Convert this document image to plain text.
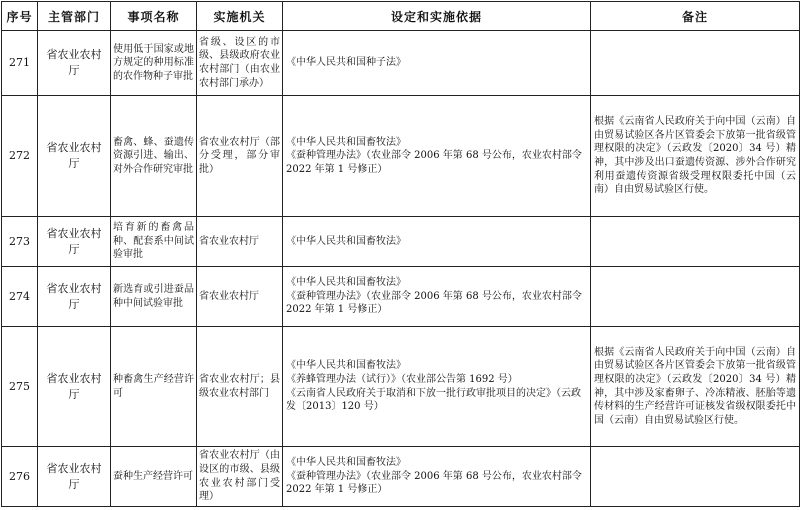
序号	主管部门	事项名称	实施机关	设定和实施依据	备注
271	省农业农村厅	使用低于国家或地方规定的种用标准的农作物种子审批	省级、设区的市级、县级政府农业农村部门（由农业农村部门承办）	《中华人民共和国种子法》	

272	省农业农村厅	畜禽、蜂、蚕遗传资源引进、输出、对外合作研究审批	省农业农村厅（部分受理，部分审批）	《中华人民共和国畜牧法》
《蚕种管理办法》（农业部令 2006 年第 68 号公布，农业农村部令 2022 年第 1 号修正）	根据《云南省人民政府关于向中国（云南）自由贸易试验区各片区管委会下放第一批省级管理权限的决定》（云政发〔2020〕34 号）精神，其中涉及出口蚕遗传资源、涉外合作研究利用蚕遗传资源省级受理权限委托中国（云南）自由贸易试验区行使。
273	省农业农村厅	培育新的畜禽品种、配套系中间试验审批	省农业农村厅	《中华人民共和国畜牧法》	

274	省农业农村厅	新选育或引进蚕品种中间试验审批	省农业农村厅	《中华人民共和国畜牧法》
《蚕种管理办法》（农业部令 2006 年第 68 号公布，农业农村部令 2022 年第 1 号修正）	

275	省农业农村厅	种畜禽生产经营许可	省农业农村厅；县级农业农村部门	《中华人民共和国畜牧法》
《养蜂管理办法（试行）》（农业部公告第 1692 号）
《云南省人民政府关于取消和下放一批行政审批项目的决定》（云政发〔2013〕120 号）	根据《云南省人民政府关于向中国（云南）自由贸易试验区各片区管委会下放第一批省级管理权限的决定》（云政发〔2020〕34 号）精神，其中涉及家畜卵子、冷冻精液、胚胎等遗传材料的生产经营许可证核发省级权限委托中国（云南）自由贸易试验区行使。
276	省农业农村厅	蚕种生产经营许可	省农业农村厅（由设区的市级、县级农业农村部门受理）	《中华人民共和国畜牧法》
《蚕种管理办法》（农业部令 2006 年第 68 号公布，农业农村部令 2022 年第 1 号修正）	
